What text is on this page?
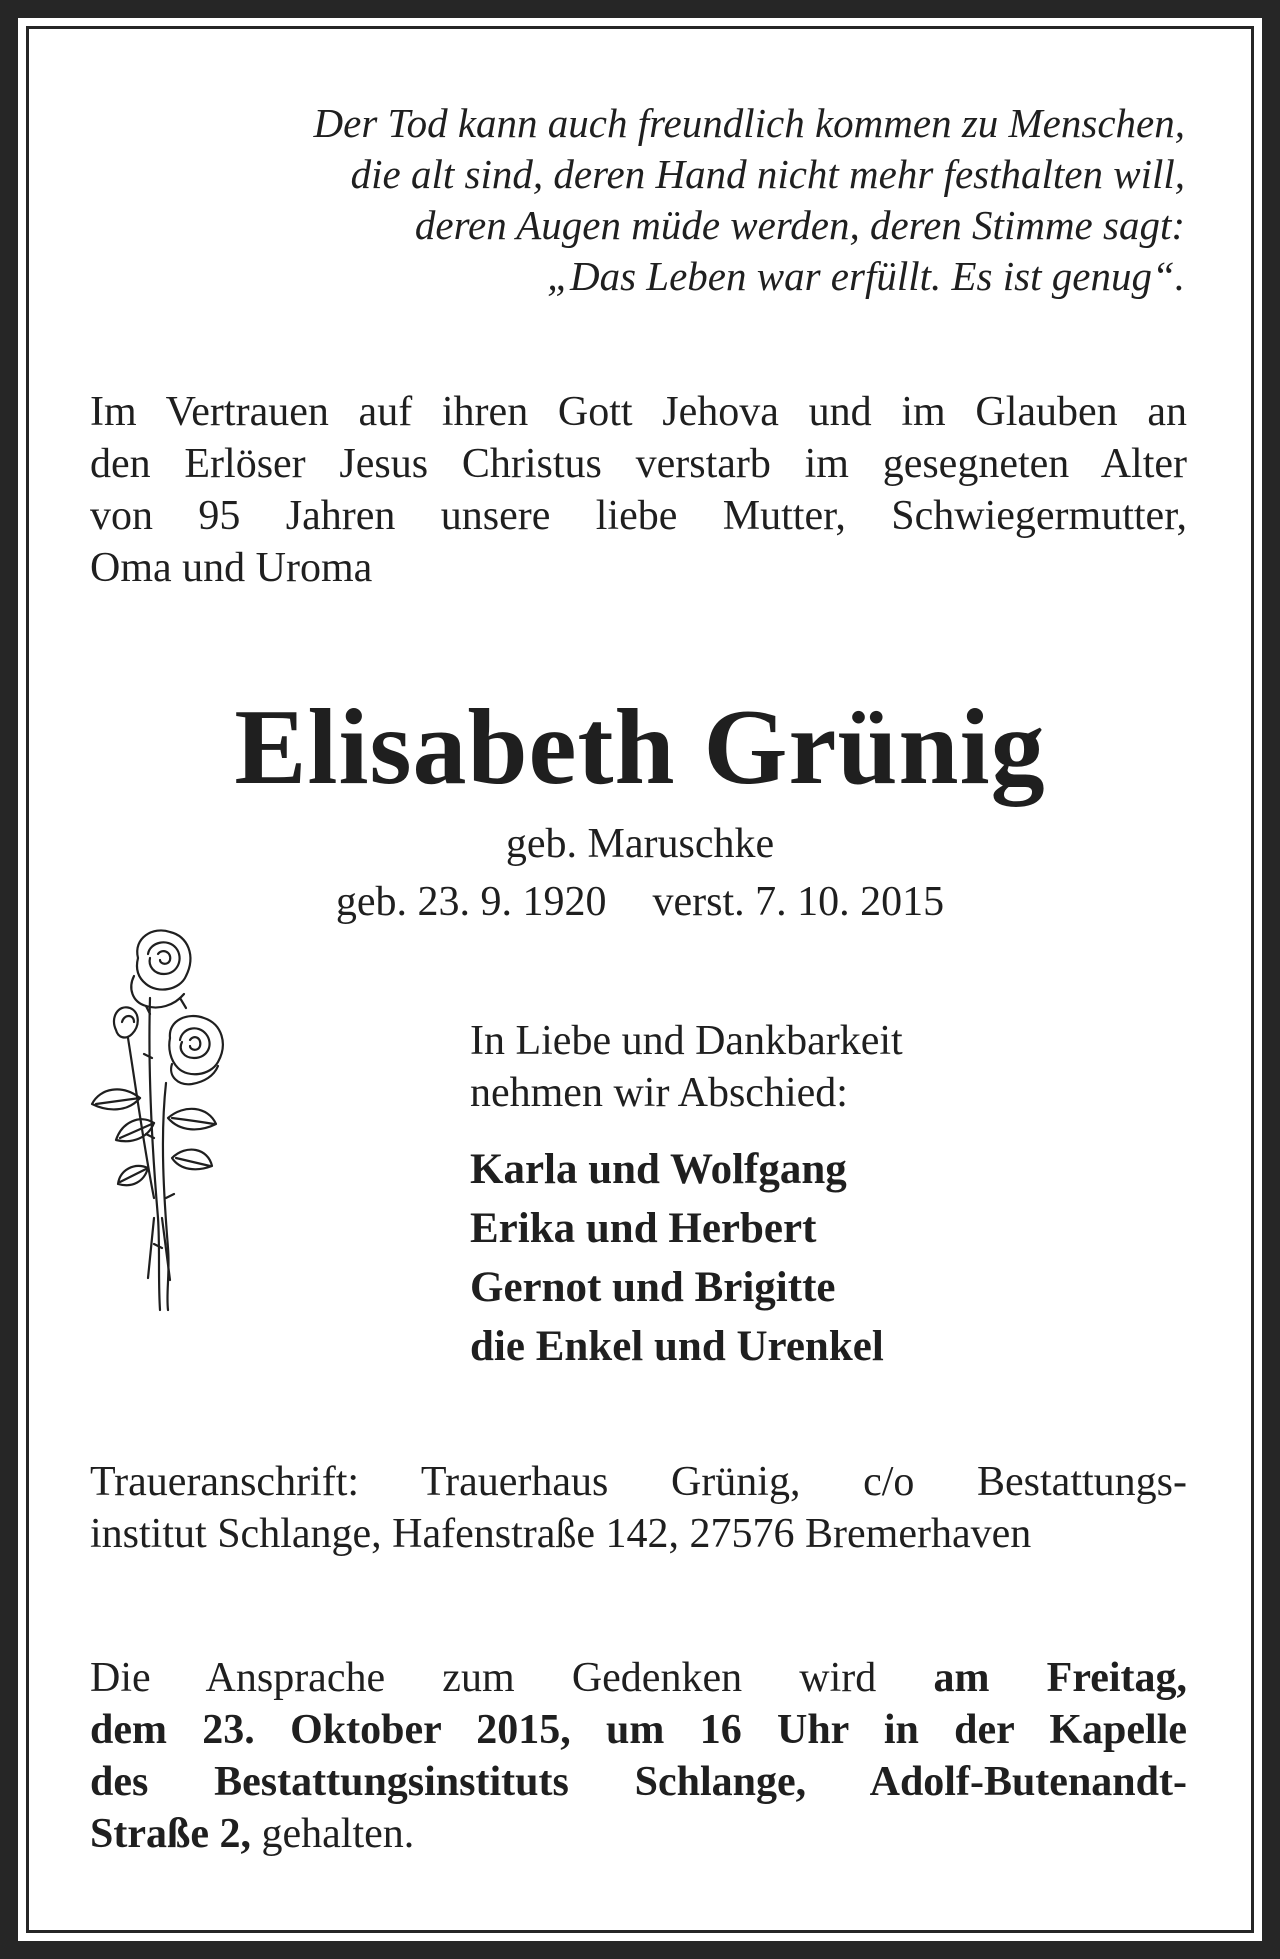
Der Tod kann auch freundlich kommen zu Menschen,
die alt sind, deren Hand nicht mehr festhalten will,
deren Augen müde werden, deren Stimme sagt:
„Das Leben war erfüllt. Es ist genug“.
Im Vertrauen auf ihren Gott Jehova und im Glauben an
den Erlöser Jesus Christus verstarb im gesegneten Alter
von 95 Jahren unsere liebe Mutter, Schwiegermutter,
Oma und Uroma
Elisabeth Grünig
geb. Maruschke
geb. 23. 9. 1920 verst. 7. 10. 2015
In Liebe und Dankbarkeit
nehmen wir Abschied:
Karla und Wolfgang
Erika und Herbert
Gernot und Brigitte
die Enkel und Urenkel
Traueranschrift: Trauerhaus Grünig, c/o Bestattungs-
institut Schlange, Hafenstraße 142, 27576 Bremerhaven
Die Ansprache zum Gedenken wird am Freitag,
dem 23. Oktober 2015, um 16 Uhr in der Kapelle
des Bestattungsinstituts Schlange, Adolf-Butenandt-
Straße 2, gehalten.
